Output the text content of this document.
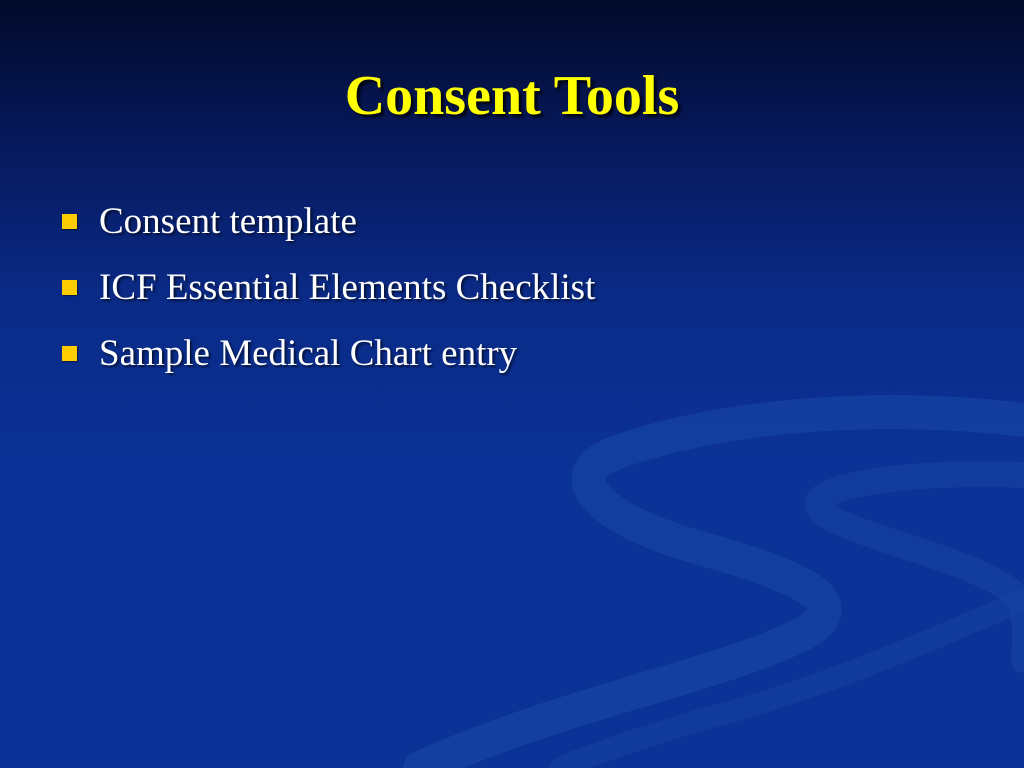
Consent Tools
Consent template
ICF Essential Elements Checklist
Sample Medical Chart entry
